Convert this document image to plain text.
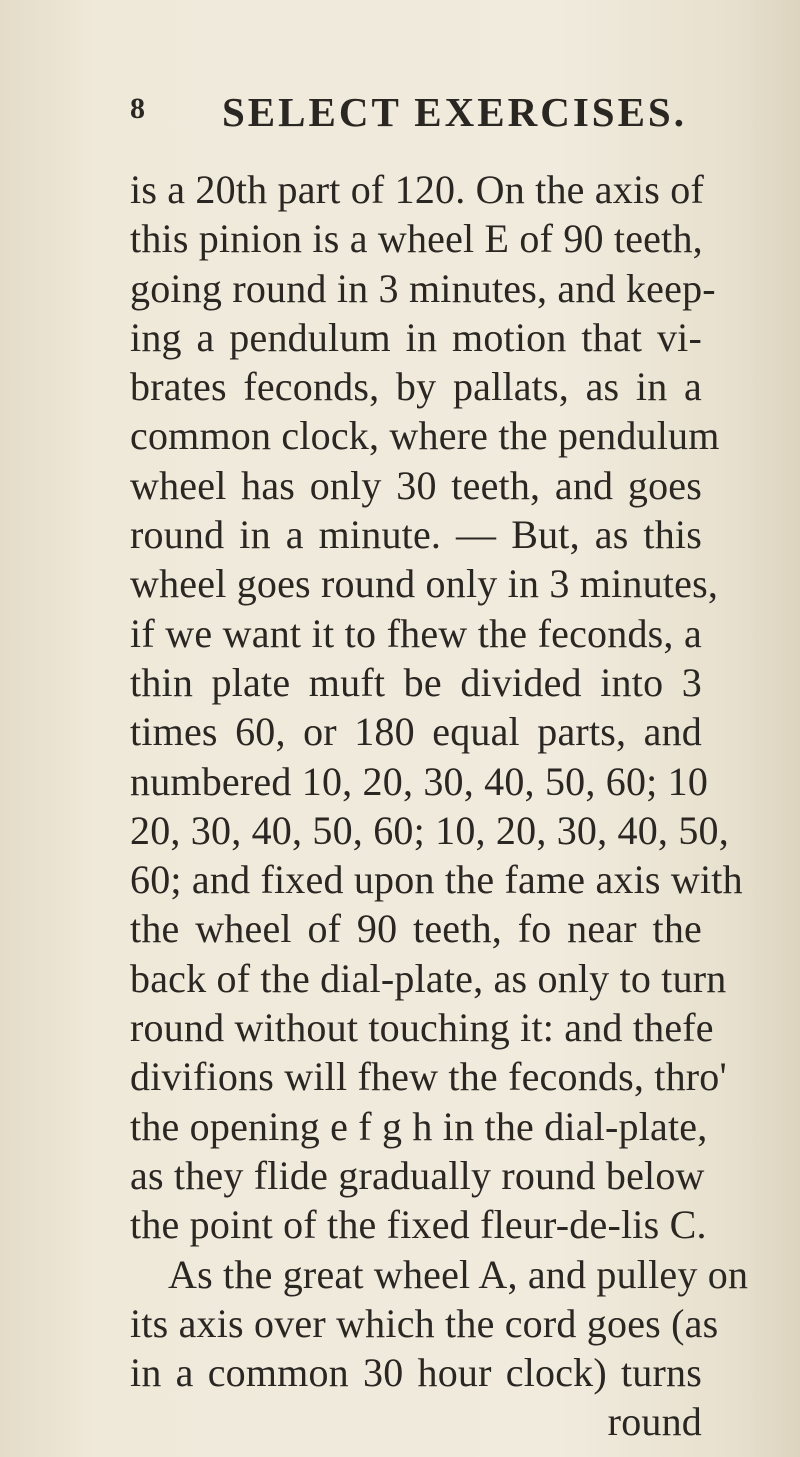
8 SELECT EXERCISES.
is a 20th part of 120. On the axis of
this pinion is a wheel E of 90 teeth,
going round in 3 minutes, and keep-
ing a pendulum in motion that vi-
brates feconds, by pallats, as in a
common clock, where the pendulum
wheel has only 30 teeth, and goes
round in a minute. — But, as this
wheel goes round only in 3 minutes,
if we want it to fhew the feconds, a
thin plate muft be divided into 3
times 60, or 180 equal parts, and
numbered 10, 20, 30, 40, 50, 60; 10
20, 30, 40, 50, 60; 10, 20, 30, 40, 50,
60; and fixed upon the fame axis with
the wheel of 90 teeth, fo near the
back of the dial-plate, as only to turn
round without touching it: and thefe
divifions will fhew the feconds, thro'
the opening e f g h in the dial-plate,
as they flide gradually round below
the point of the fixed fleur-de-lis C.
As the great wheel A, and pulley on
its axis over which the cord goes (as
in a common 30 hour clock) turns
round
